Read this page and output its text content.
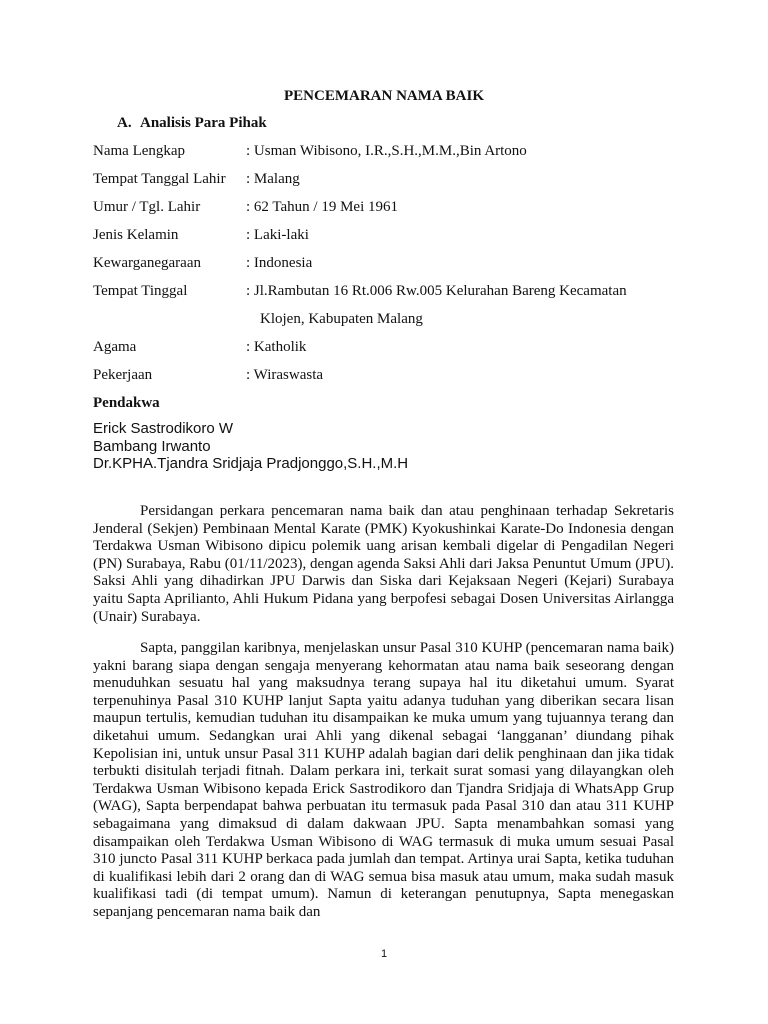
PENCEMARAN NAMA BAIK
A. Analisis Para Pihak
Nama Lengkap	: Usman Wibisono, I.R.,S.H.,M.M.,Bin Artono
Tempat Tanggal Lahir: Malang
Umur / Tgl. Lahir	: 62 Tahun / 19 Mei 1961
Jenis Kelamin	: Laki-laki
Kewarganegaraan	: Indonesia
Tempat Tinggal	: Jl.Rambutan 16 Rt.006 Rw.005 Kelurahan Bareng Kecamatan
Klojen, Kabupaten Malang
Agama	: Katholik
Pekerjaan	: Wiraswasta
Pendakwa
Erick Sastrodikoro W
Bambang Irwanto
Dr.KPHA.Tjandra Sridjaja Pradjonggo,S.H.,M.H

Persidangan perkara pencemaran nama baik dan atau penghinaan terhadap Sekretaris Jenderal (Sekjen) Pembinaan Mental Karate (PMK) Kyokushinkai Karate-Do Indonesia dengan Terdakwa Usman Wibisono dipicu polemik uang arisan kembali digelar di Pengadilan Negeri (PN) Surabaya, Rabu (01/11/2023), dengan agenda Saksi Ahli dari Jaksa Penuntut Umum (JPU). Saksi Ahli yang dihadirkan JPU Darwis dan Siska dari Kejaksaan Negeri (Kejari) Surabaya yaitu Sapta Aprilianto, Ahli Hukum Pidana yang berpofesi sebagai Dosen Universitas Airlangga (Unair) Surabaya.

Sapta, panggilan karibnya, menjelaskan unsur Pasal 310 KUHP (pencemaran nama baik) yakni barang siapa dengan sengaja menyerang kehormatan atau nama baik seseorang dengan menuduhkan sesuatu hal yang maksudnya terang supaya hal itu diketahui umum. Syarat terpenuhinya Pasal 310 KUHP lanjut Sapta yaitu adanya tuduhan yang diberikan secara lisan maupun tertulis, kemudian tuduhan itu disampaikan ke muka umum yang tujuannya terang dan diketahui umum. Sedangkan urai Ahli yang dikenal sebagai ‘langganan’ diundang pihak Kepolisian ini, untuk unsur Pasal 311 KUHP adalah bagian dari delik penghinaan dan jika tidak terbukti disitulah terjadi fitnah. Dalam perkara ini, terkait surat somasi yang dilayangkan oleh Terdakwa Usman Wibisono kepada Erick Sastrodikoro dan Tjandra Sridjaja di WhatsApp Grup (WAG), Sapta berpendapat bahwa perbuatan itu termasuk pada Pasal 310 dan atau 311 KUHP sebagaimana yang dimaksud di dalam dakwaan JPU. Sapta menambahkan somasi yang disampaikan oleh Terdakwa Usman Wibisono di WAG termasuk di muka umum sesuai Pasal 310 juncto Pasal 311 KUHP berkaca pada jumlah dan tempat. Artinya urai Sapta, ketika tuduhan di kualifikasi lebih dari 2 orang dan di WAG semua bisa masuk atau umum, maka sudah masuk kualifikasi tadi (di tempat umum). Namun di keterangan penutupnya, Sapta menegaskan sepanjang pencemaran nama baik dan

1
